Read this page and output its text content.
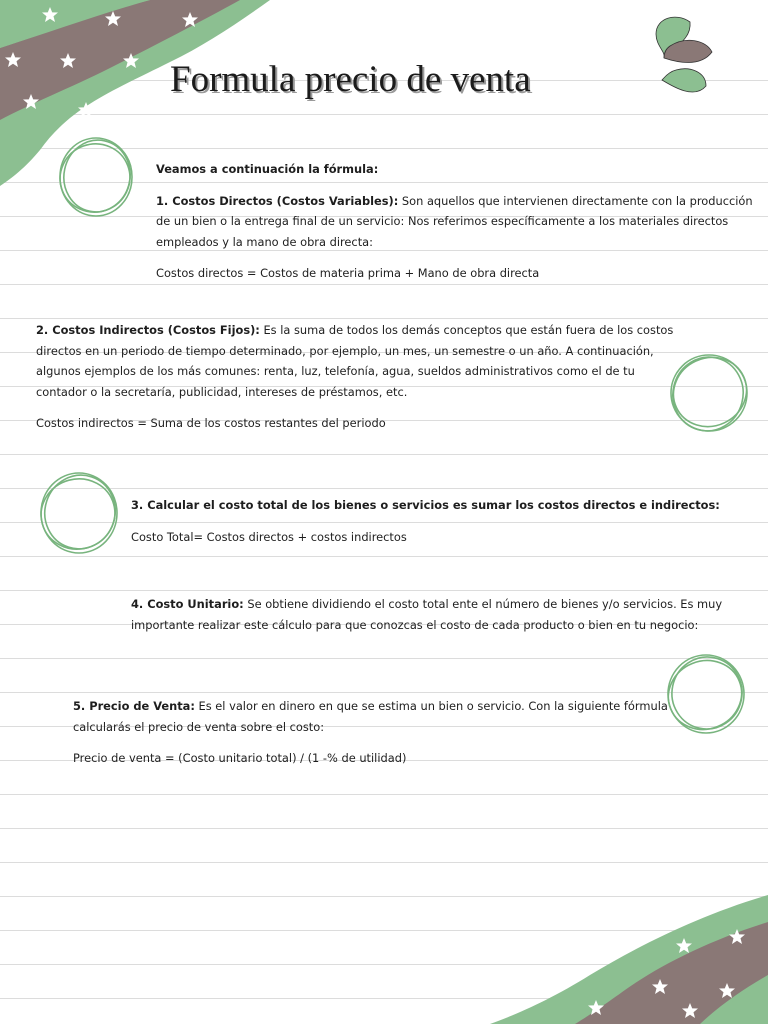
Formula precio de venta

Veamos a continuación la fórmula:

1. Costos Directos (Costos Variables): Son aquellos que intervienen directamente con la producción de un bien o la entrega final de un servicio: Nos referimos específicamente a los materiales directos empleados y la mano de obra directa:

Costos directos = Costos de materia prima + Mano de obra directa

2. Costos Indirectos (Costos Fijos): Es la suma de todos los demás conceptos que están fuera de los costos directos en un periodo de tiempo determinado, por ejemplo, un mes, un semestre o un año. A continuación, algunos ejemplos de los más comunes: renta, luz, telefonía, agua, sueldos administrativos como el de tu contador o la secretaría, publicidad, intereses de préstamos, etc.

Costos indirectos = Suma de los costos restantes del periodo

3. Calcular el costo total de los bienes o servicios es sumar los costos directos e indirectos:

Costo Total= Costos directos + costos indirectos

4. Costo Unitario: Se obtiene dividiendo el costo total ente el número de bienes y/o servicios. Es muy importante realizar este cálculo para que conozcas el costo de cada producto o bien en tu negocio:

5. Precio de Venta: Es el valor en dinero en que se estima un bien o servicio. Con la siguiente fórmula calcularás el precio de venta sobre el costo:

Precio de venta = (Costo unitario total) / (1 -% de utilidad)
